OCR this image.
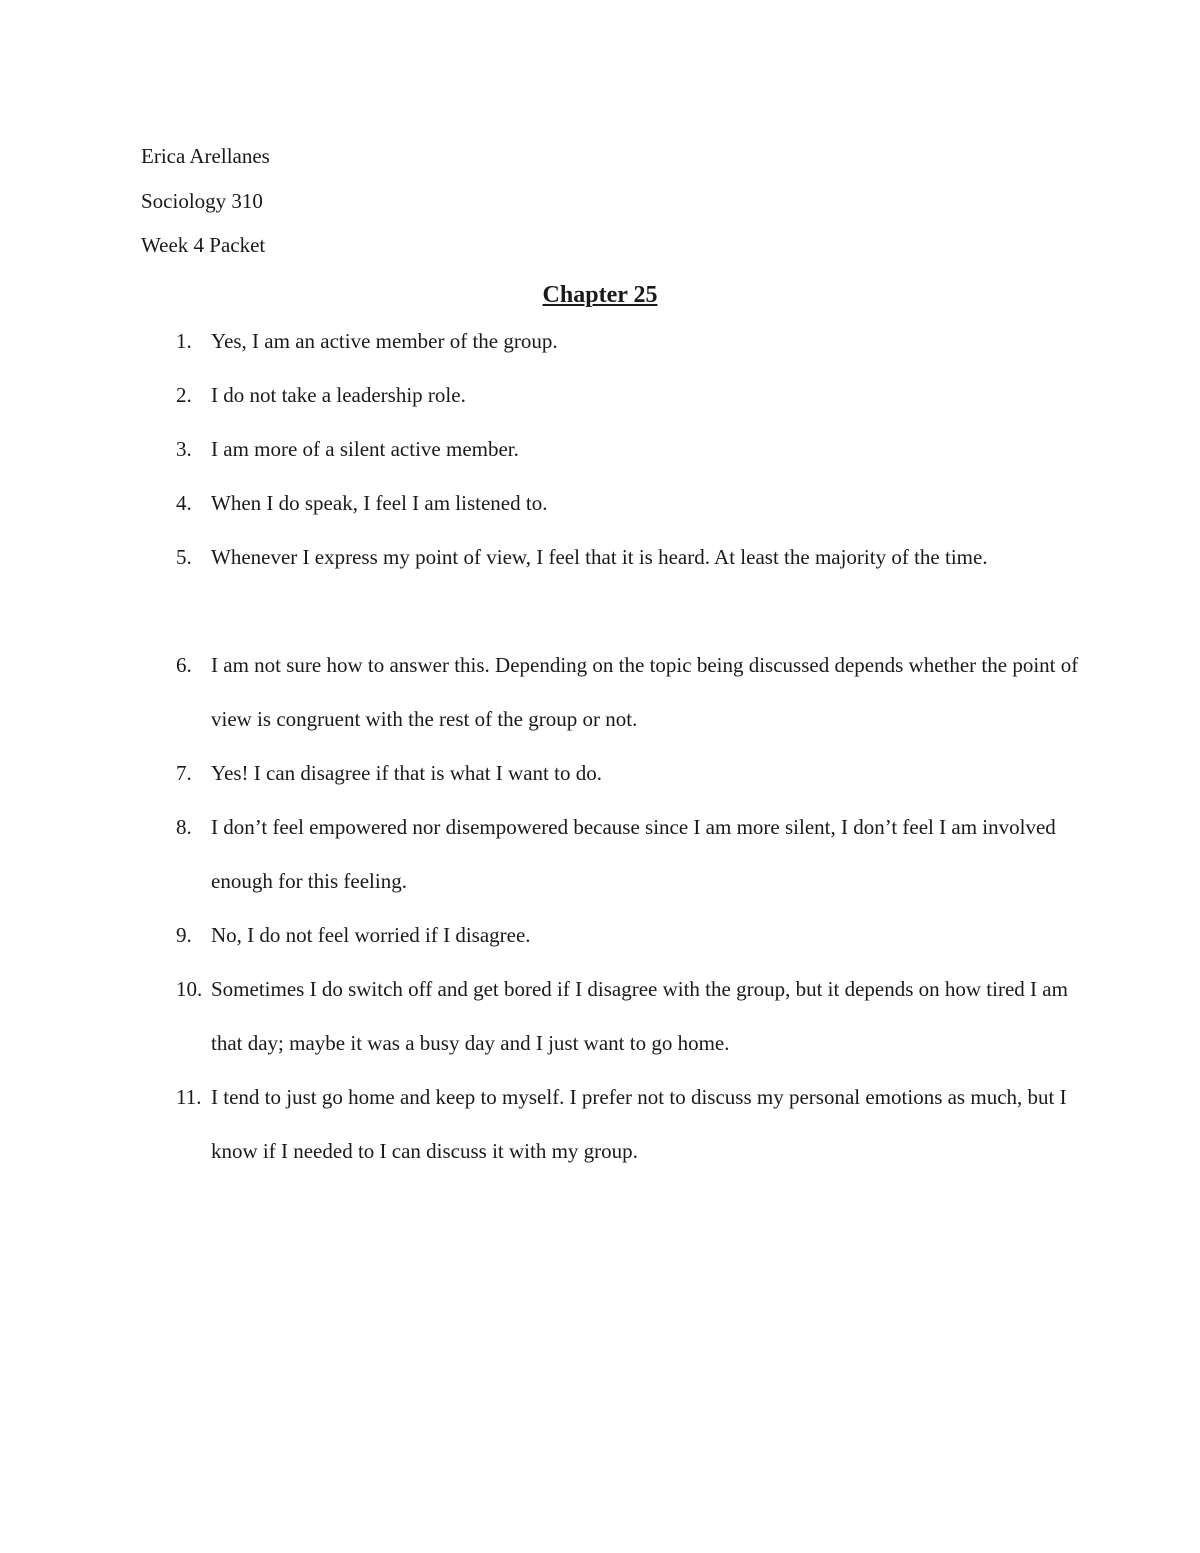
Erica Arellanes
Sociology 310
Week 4 Packet
Chapter 25
1. Yes, I am an active member of the group.
2. I do not take a leadership role.
3. I am more of a silent active member.
4. When I do speak, I feel I am listened to.
5. Whenever I express my point of view, I feel that it is heard. At least the majority of the time.
6. I am not sure how to answer this. Depending on the topic being discussed depends whether the point of view is congruent with the rest of the group or not.
7. Yes! I can disagree if that is what I want to do.
8. I don’t feel empowered nor disempowered because since I am more silent, I don’t feel I am involved enough for this feeling.
9. No, I do not feel worried if I disagree.
10. Sometimes I do switch off and get bored if I disagree with the group, but it depends on how tired I am that day; maybe it was a busy day and I just want to go home.
11. I tend to just go home and keep to myself. I prefer not to discuss my personal emotions as much, but I know if I needed to I can discuss it with my group.
